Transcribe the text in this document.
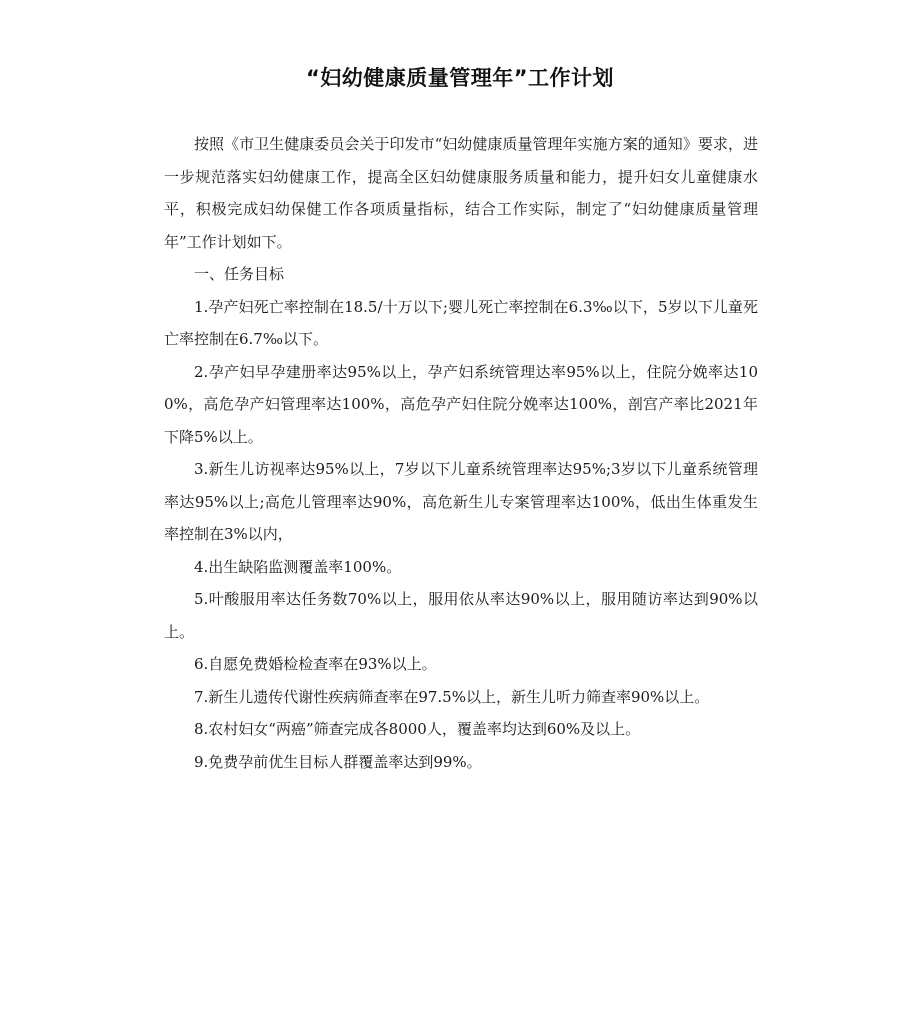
“妇幼健康质量管理年”工作计划

按照《市卫生健康委员会关于印发市“妇幼健康质量管理年实施方案的通知》要求，进一步规范落实妇幼健康工作，提高全区妇幼健康服务质量和能力，提升妇女儿童健康水平，积极完成妇幼保健工作各项质量指标，结合工作实际，制定了“妇幼健康质量管理年”工作计划如下。

一、任务目标

1.孕产妇死亡率控制在18.5/十万以下;婴儿死亡率控制在6.3‰以下，5岁以下儿童死亡率控制在6.7‰以下。

2.孕产妇早孕建册率达95%以上，孕产妇系统管理达率95%以上，住院分娩率达100%，高危孕产妇管理率达100%，高危孕产妇住院分娩率达100%，剖宫产率比2021年下降5%以上。

3.新生儿访视率达95%以上，7岁以下儿童系统管理率达95%;3岁以下儿童系统管理率达95%以上;高危儿管理率达90%，高危新生儿专案管理率达100%，低出生体重发生率控制在3%以内，

4.出生缺陷监测覆盖率100%。

5.叶酸服用率达任务数70%以上，服用依从率达90%以上，服用随访率达到90%以上。

6.自愿免费婚检检查率在93%以上。

7.新生儿遗传代谢性疾病筛查率在97.5%以上，新生儿听力筛查率90%以上。

8.农村妇女“两癌”筛查完成各8000人，覆盖率均达到60%及以上。

9.免费孕前优生目标人群覆盖率达到99%。
